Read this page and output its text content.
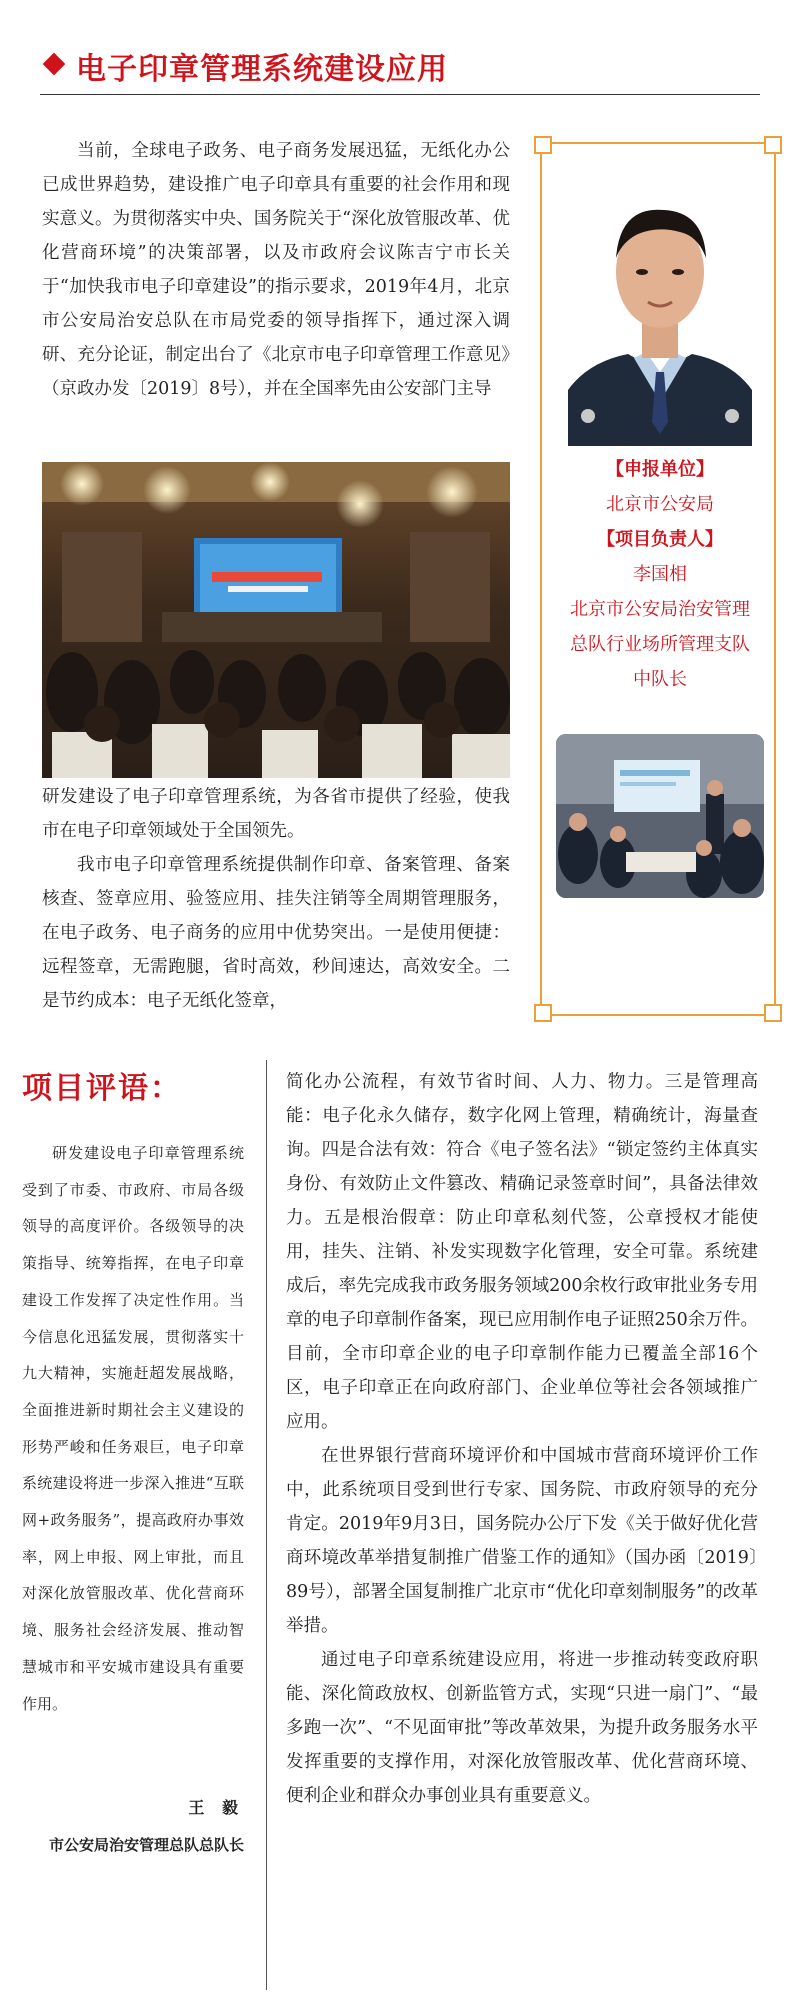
电子印章管理系统建设应用

当前，全球电子政务、电子商务发展迅猛，无纸化办公已成世界趋势，建设推广电子印章具有重要的社会作用和现实意义。为贯彻落实中央、国务院关于“深化放管服改革、优化营商环境”的决策部署，以及市政府会议陈吉宁市长关于“加快我市电子印章建设”的指示要求，2019年4月，北京市公安局治安总队在市局党委的领导指挥下，通过深入调研、充分论证，制定出台了《北京市电子印章管理工作意见》（京政办发〔2019〕8号），并在全国率先由公安部门主导

研发建设了电子印章管理系统，为各省市提供了经验，使我市在电子印章领域处于全国领先。

我市电子印章管理系统提供制作印章、备案管理、备案核查、签章应用、验签应用、挂失注销等全周期管理服务，在电子政务、电子商务的应用中优势突出。一是使用便捷：远程签章，无需跑腿，省时高效，秒间速达，高效安全。二是节约成本：电子无纸化签章，

【申报单位】
北京市公安局
【项目负责人】
李国相
北京市公安局治安管理
总队行业场所管理支队
中队长
项目评语：

研发建设电子印章管理系统受到了市委、市政府、市局各级领导的高度评价。各级领导的决策指导、统筹指挥，在电子印章建设工作发挥了决定性作用。当今信息化迅猛发展，贯彻落实十九大精神，实施赶超发展战略，全面推进新时期社会主义建设的形势严峻和任务艰巨，电子印章系统建设将进一步深入推进“互联网+政务服务”，提高政府办事效率，网上申报、网上审批，而且对深化放管服改革、优化营商环境、服务社会经济发展、推动智慧城市和平安城市建设具有重要作用。

王 毅
市公安局治安管理总队总队长

简化办公流程，有效节省时间、人力、物力。三是管理高能：电子化永久储存，数字化网上管理，精确统计，海量查询。四是合法有效：符合《电子签名法》“锁定签约主体真实身份、有效防止文件篡改、精确记录签章时间”，具备法律效力。五是根治假章：防止印章私刻代签，公章授权才能使用，挂失、注销、补发实现数字化管理，安全可靠。系统建成后，率先完成我市政务服务领域200余枚行政审批业务专用章的电子印章制作备案，现已应用制作电子证照250余万件。目前，全市印章企业的电子印章制作能力已覆盖全部16个区，电子印章正在向政府部门、企业单位等社会各领域推广应用。

在世界银行营商环境评价和中国城市营商环境评价工作中，此系统项目受到世行专家、国务院、市政府领导的充分肯定。2019年9月3日，国务院办公厅下发《关于做好优化营商环境改革举措复制推广借鉴工作的通知》（国办函〔2019〕89号），部署全国复制推广北京市“优化印章刻制服务”的改革举措。

通过电子印章系统建设应用，将进一步推动转变政府职能、深化简政放权、创新监管方式，实现“只进一扇门”、“最多跑一次”、“不见面审批”等改革效果，为提升政务服务水平发挥重要的支撑作用，对深化放管服改革、优化营商环境、便利企业和群众办事创业具有重要意义。
